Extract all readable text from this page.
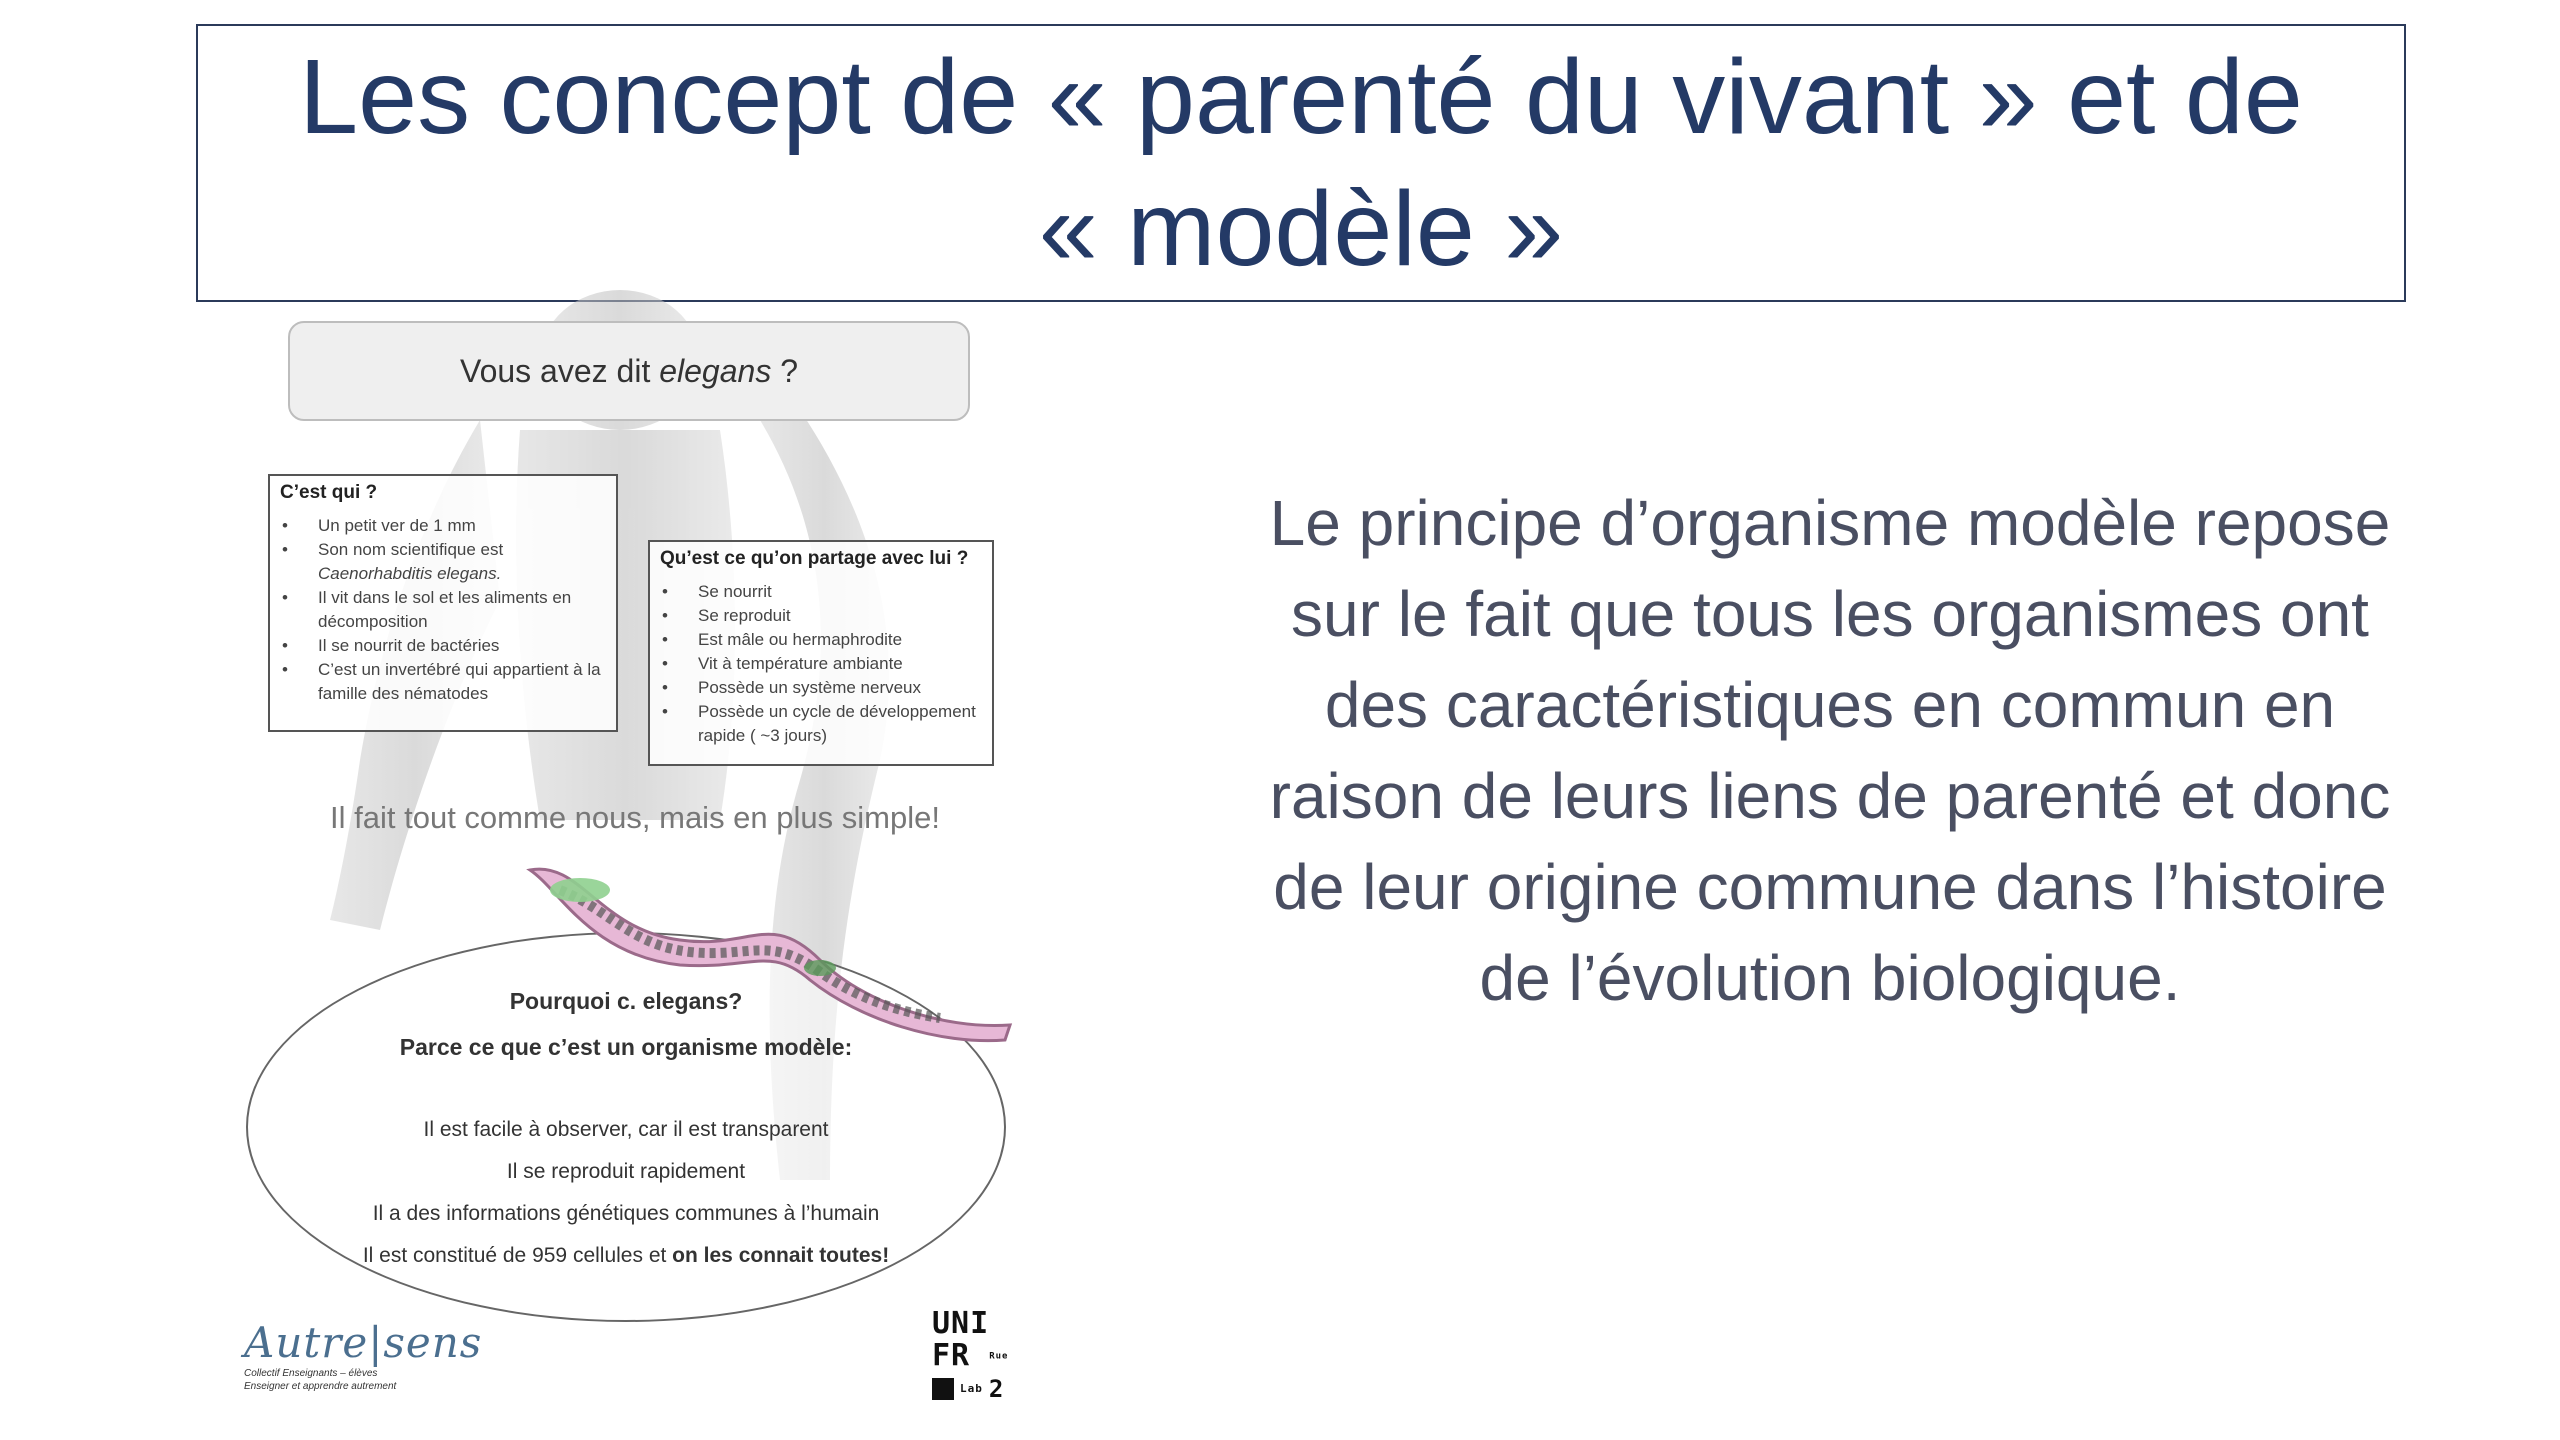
Les concept de « parenté du vivant » et de
« modèle »
Vous avez dit elegans ?
C’est qui ?
• Un petit ver de 1 mm
• Son nom scientifique est
Caenorhabditis elegans.
• Il vit dans le sol et les aliments en décomposition
• Il se nourrit de bactéries
• C’est un invertébré qui appartient à la famille des nématodes
Qu’est ce qu’on partage avec lui ?
• Se nourrit
• Se reproduit
• Est mâle ou hermaphrodite
• Vit à température ambiante
• Possède un système nerveux
• Possède un cycle de développement rapide ( ~3 jours)
Il fait tout comme nous, mais en plus simple!
Pourquoi c. elegans?
Parce ce que c’est un organisme modèle:
Il est facile à observer, car il est transparent
Il se reproduit rapidement
Il a des informations génétiques communes à l’humain
Il est constitué de 959 cellules et on les connait toutes!
Autre|sens
Collectif Enseignants – élèves
Enseigner et apprendre autrement
UNI
FR Rue
Lab 2
Le principe d’organisme modèle repose
sur le fait que tous les organismes ont
des caractéristiques en commun en
raison de leurs liens de parenté et donc
de leur origine commune dans l’histoire
de l’évolution biologique.
